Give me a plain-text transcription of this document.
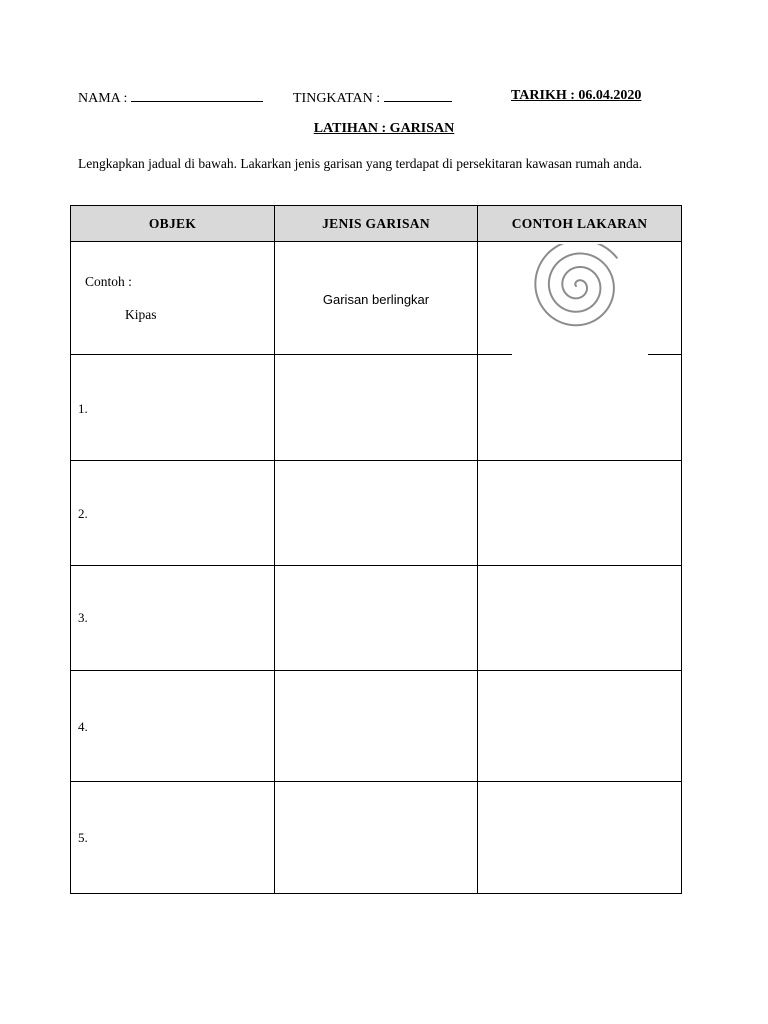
NAMA :	TINGKATAN :	TARIKH : 06.04.2020
LATIHAN : GARISAN
Lengkapkan jadual di bawah. Lakarkan jenis garisan yang terdapat di persekitaran kawasan rumah anda.
OBJEK	JENIS GARISAN	CONTOH LAKARAN

Contoh :
Kipas	Garisan berlingkar

1.		

2.		

3.		

4.		

5.		
